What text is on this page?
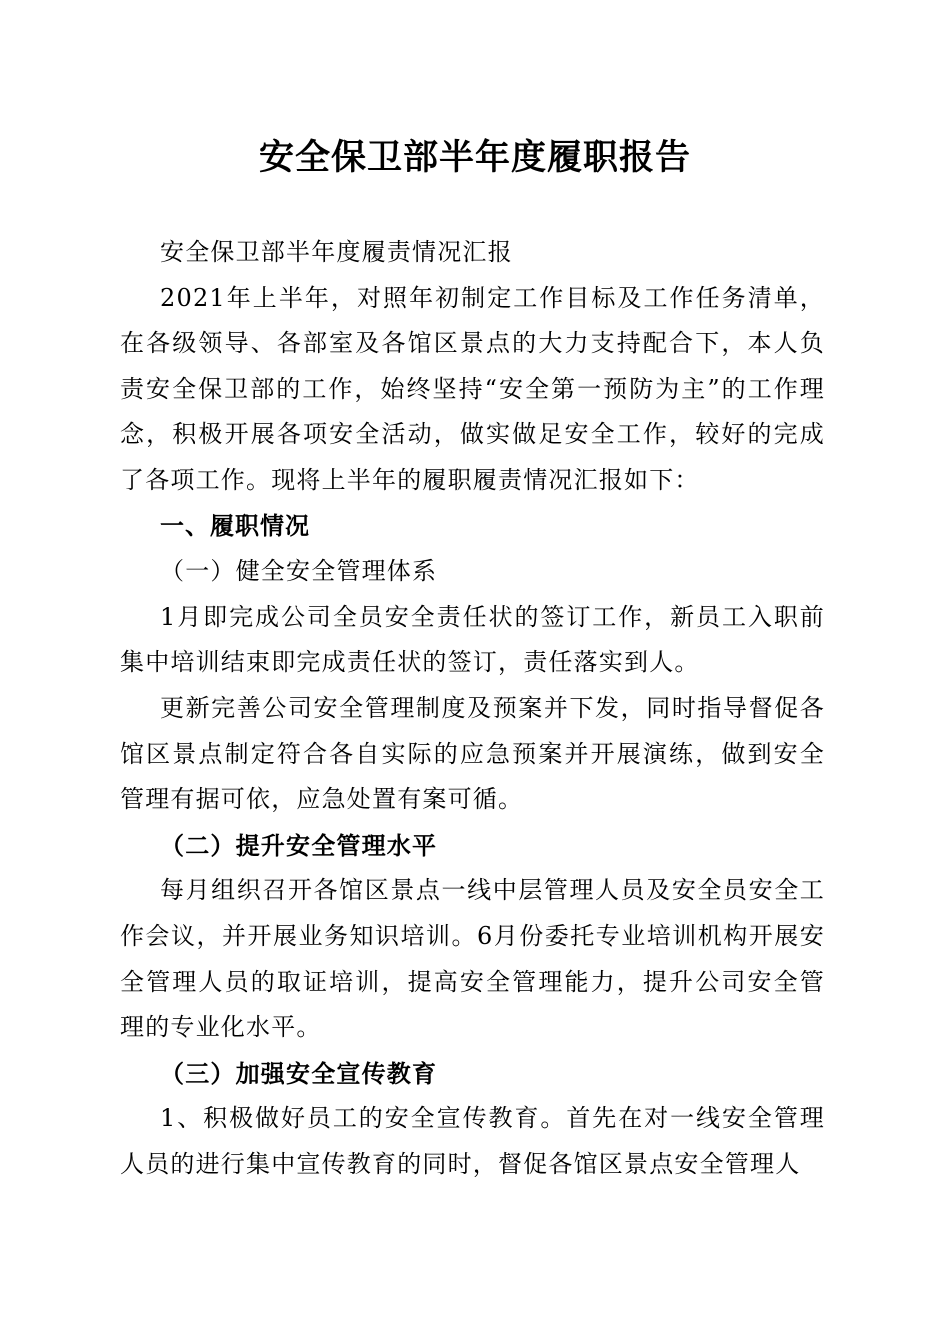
安全保卫部半年度履职报告

安全保卫部半年度履责情况汇报

2021年上半年，对照年初制定工作目标及工作任务清单，在各级领导、各部室及各馆区景点的大力支持配合下，本人负责安全保卫部的工作，始终坚持“安全第一预防为主”的工作理念，积极开展各项安全活动，做实做足安全工作，较好的完成了各项工作。现将上半年的履职履责情况汇报如下：

一、履职情况

（一）健全安全管理体系

1月即完成公司全员安全责任状的签订工作，新员工入职前集中培训结束即完成责任状的签订，责任落实到人。

更新完善公司安全管理制度及预案并下发，同时指导督促各馆区景点制定符合各自实际的应急预案并开展演练，做到安全管理有据可依，应急处置有案可循。

（二）提升安全管理水平

每月组织召开各馆区景点一线中层管理人员及安全员安全工作会议，并开展业务知识培训。6月份委托专业培训机构开展安全管理人员的取证培训，提高安全管理能力，提升公司安全管理的专业化水平。

（三）加强安全宣传教育

1、积极做好员工的安全宣传教育。首先在对一线安全管理人员的进行集中宣传教育的同时，督促各馆区景点安全管理人
